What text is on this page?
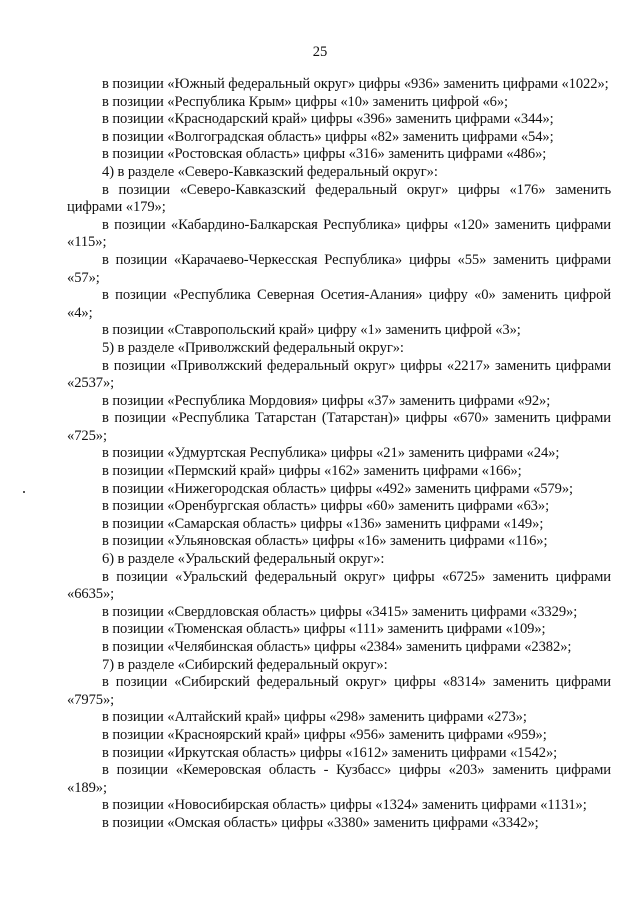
25

в позиции «Южный федеральный округ» цифры «936» заменить цифрами «1022»;

в позиции «Республика Крым» цифры «10» заменить цифрой «6»;

в позиции «Краснодарский край» цифры «396» заменить цифрами «344»;

в позиции «Волгоградская область» цифры «82» заменить цифрами «54»;

в позиции «Ростовская область» цифры «316» заменить цифрами «486»;

4) в разделе «Северо-Кавказский федеральный округ»:

в позиции «Северо-Кавказский федеральный округ» цифры «176» заменить цифрами «179»;

в позиции «Кабардино-Балкарская Республика» цифры «120» заменить цифрами «115»;

в позиции «Карачаево-Черкесская Республика» цифры «55» заменить цифрами «57»;

в позиции «Республика Северная Осетия-Алания» цифру «0» заменить цифрой «4»;

в позиции «Ставропольский край» цифру «1» заменить цифрой «3»;

5) в разделе «Приволжский федеральный округ»:

в позиции «Приволжский федеральный округ» цифры «2217» заменить цифрами «2537»;

в позиции «Республика Мордовия» цифры «37» заменить цифрами «92»;

в позиции «Республика Татарстан (Татарстан)» цифры «670» заменить цифрами «725»;

в позиции «Удмуртская Республика» цифры «21» заменить цифрами «24»;

в позиции «Пермский край» цифры «162» заменить цифрами «166»;

в позиции «Нижегородская область» цифры «492» заменить цифрами «579»;

в позиции «Оренбургская область» цифры «60» заменить цифрами «63»;

в позиции «Самарская область» цифры «136» заменить цифрами «149»;

в позиции «Ульяновская область» цифры «16» заменить цифрами «116»;

6) в разделе «Уральский федеральный округ»:

в позиции «Уральский федеральный округ» цифры «6725» заменить цифрами «6635»;

в позиции «Свердловская область» цифры «3415» заменить цифрами «3329»;

в позиции «Тюменская область» цифры «111» заменить цифрами «109»;

в позиции «Челябинская область» цифры «2384» заменить цифрами «2382»;

7) в разделе «Сибирский федеральный округ»:

в позиции «Сибирский федеральный округ» цифры «8314» заменить цифрами «7975»;

в позиции «Алтайский край» цифры «298» заменить цифрами «273»;

в позиции «Красноярский край» цифры «956» заменить цифрами «959»;

в позиции «Иркутская область» цифры «1612» заменить цифрами «1542»;

в позиции «Кемеровская область - Кузбасс» цифры «203» заменить цифрами «189»;

в позиции «Новосибирская область» цифры «1324» заменить цифрами «1131»;

в позиции «Омская область» цифры «3380» заменить цифрами «3342»;
